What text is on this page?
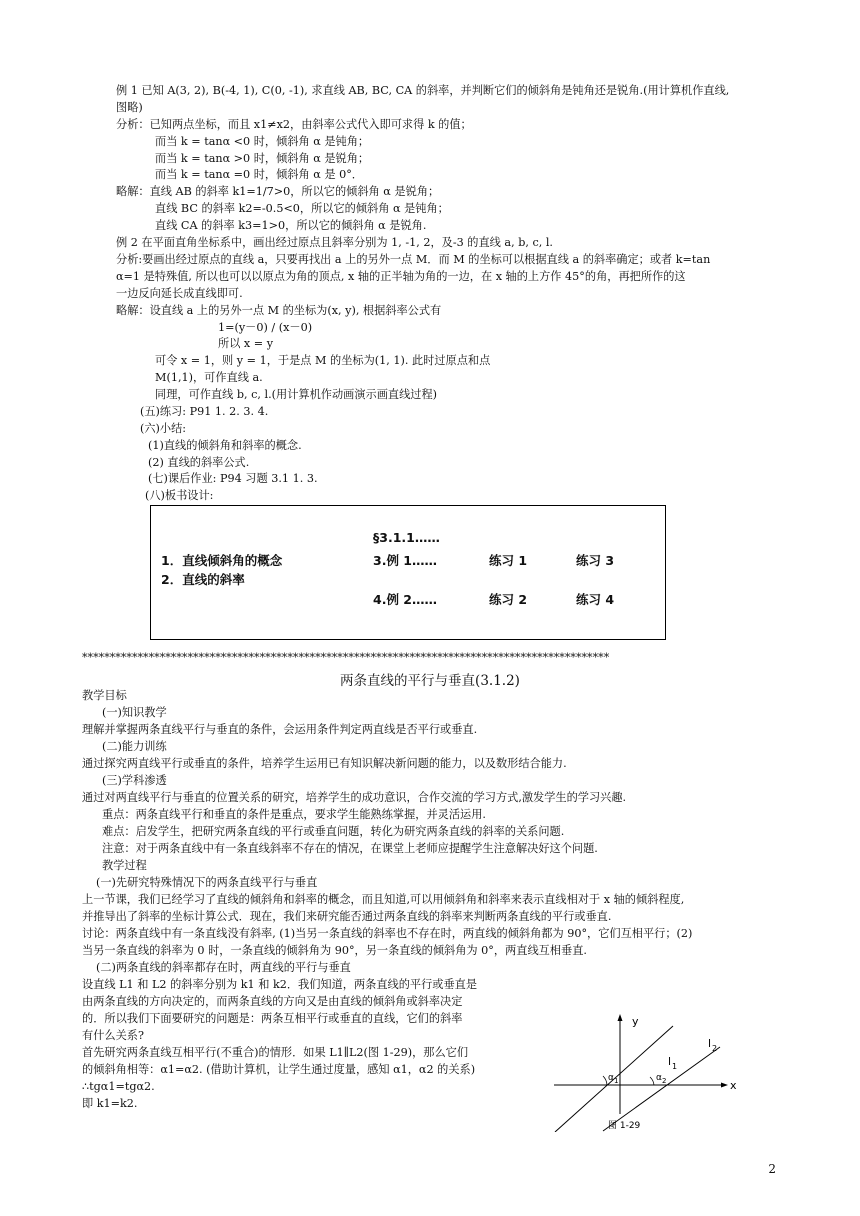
例 1 已知 A(3, 2), B(-4, 1), C(0, -1), 求直线 AB, BC, CA 的斜率，并判断它们的倾斜角是钝角还是锐角.(用计算机作直线,
图略)
分析：已知两点坐标，而且 x1≠x2，由斜率公式代入即可求得 k 的值；
而当 k = tanα <0 时，倾斜角 α 是钝角；
而当 k = tanα >0 时，倾斜角 α 是锐角；
而当 k = tanα =0 时，倾斜角 α 是 0°．
略解：直线 AB 的斜率 k1=1/7>0，所以它的倾斜角 α 是锐角；
直线 BC 的斜率 k2=-0.5<0，所以它的倾斜角 α 是钝角；
直线 CA 的斜率 k3=1>0，所以它的倾斜角 α 是锐角.
例 2 在平面直角坐标系中，画出经过原点且斜率分别为 1, -1, 2，及-3 的直线 a, b, c, l.
分析:要画出经过原点的直线 a，只要再找出 a 上的另外一点 M．而 M 的坐标可以根据直线 a 的斜率确定；或者 k=tan
α=1 是特殊值, 所以也可以以原点为角的顶点, x 轴的正半轴为角的一边，在 x 轴的上方作 45°的角，再把所作的这
一边反向延长成直线即可.
略解：设直线 a 上的另外一点 M 的坐标为(x, y), 根据斜率公式有
1=(y－0) / (x－0)
所以 x = y
可令 x = 1，则 y = 1，于是点 M 的坐标为(1, 1). 此时过原点和点
M(1,1)，可作直线 a.
同理，可作直线 b, c, l.(用计算机作动画演示画直线过程)
(五)练习: P91 1. 2. 3. 4.
(六)小结:
(1)直线的倾斜角和斜率的概念.
(2) 直线的斜率公式.
(七)课后作业: P94 习题 3.1 1. 3.
(八)板书设计:
§3.1.1……
1．直线倾斜角的概念
2．直线的斜率
3.例 1……
4.例 2……
练习 1
练习 2
练习 3
练习 4
***********************************************************************************************
两条直线的平行与垂直(3.1.2)
教学目标
(一)知识教学
理解并掌握两条直线平行与垂直的条件，会运用条件判定两直线是否平行或垂直.
(二)能力训练
通过探究两直线平行或垂直的条件，培养学生运用已有知识解决新问题的能力，以及数形结合能力.
(三)学科渗透
通过对两直线平行与垂直的位置关系的研究，培养学生的成功意识，合作交流的学习方式,激发学生的学习兴趣.
重点：两条直线平行和垂直的条件是重点，要求学生能熟练掌握，并灵活运用.
难点：启发学生，把研究两条直线的平行或垂直问题，转化为研究两条直线的斜率的关系问题.
注意：对于两条直线中有一条直线斜率不存在的情况，在课堂上老师应提醒学生注意解决好这个问题.
教学过程
(一)先研究特殊情况下的两条直线平行与垂直
上一节课，我们已经学习了直线的倾斜角和斜率的概念，而且知道,可以用倾斜角和斜率来表示直线相对于 x 轴的倾斜程度,
并推导出了斜率的坐标计算公式．现在，我们来研究能否通过两条直线的斜率来判断两条直线的平行或垂直.
讨论：两条直线中有一条直线没有斜率, (1)当另一条直线的斜率也不存在时，两直线的倾斜角都为 90°，它们互相平行；(2)
当另一条直线的斜率为 0 时，一条直线的倾斜角为 90°，另一条直线的倾斜角为 0°，两直线互相垂直.
(二)两条直线的斜率都存在时，两直线的平行与垂直
设直线 L1 和 L2 的斜率分别为 k1 和 k2．我们知道，两条直线的平行或垂直是
由两条直线的方向决定的，而两条直线的方向又是由直线的倾斜角或斜率决定
的．所以我们下面要研究的问题是：两条互相平行或垂直的直线，它们的斜率
有什么关系?
首先研究两条直线互相平行(不重合)的情形．如果 L1∥L2(图 1-29)，那么它们
的倾斜角相等：α1=α2. (借助计算机，让学生通过度量，感知 α1，α2 的关系)
∴tgα1=tgα2.
即 k1=k2.
y
x
l 1
l 2
α 1	α 2
图 1-29
2
